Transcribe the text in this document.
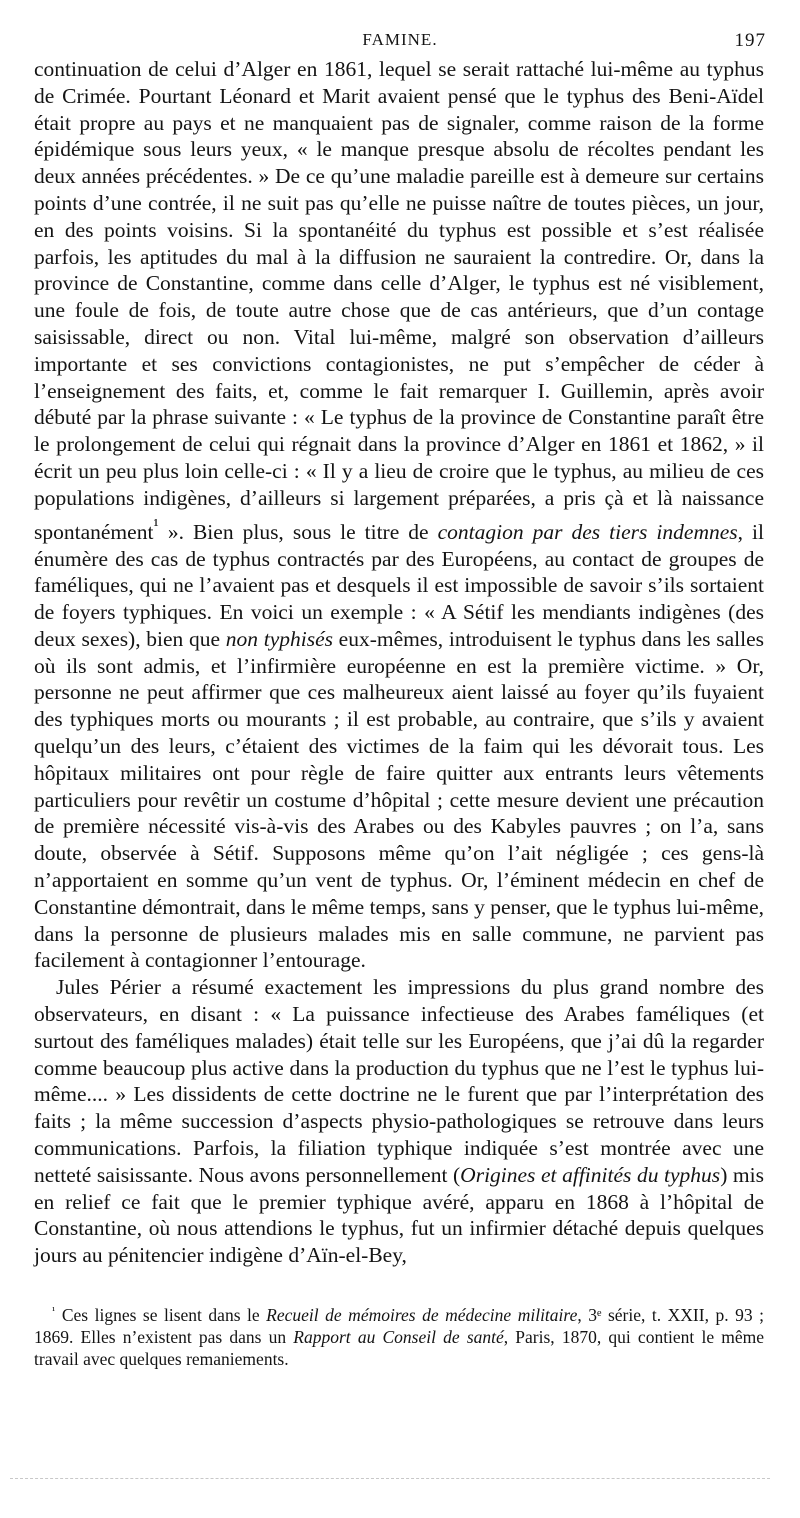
FAMINE.	197

continuation de celui d’Alger en 1861, lequel se serait rattaché lui-même au typhus de Crimée. Pourtant Léonard et Marit avaient pensé que le typhus des Beni-Aïdel était propre au pays et ne manquaient pas de signaler, comme raison de la forme épidémique sous leurs yeux, « le manque presque absolu de récoltes pendant les deux années précédentes. » De ce qu’une maladie pareille est à demeure sur certains points d’une contrée, il ne suit pas qu’elle ne puisse naître de toutes pièces, un jour, en des points voisins. Si la spontanéité du typhus est possible et s’est réalisée parfois, les aptitudes du mal à la diffusion ne sauraient la contredire. Or, dans la province de Constantine, comme dans celle d’Alger, le typhus est né visiblement, une foule de fois, de toute autre chose que de cas antérieurs, que d’un contage saisissable, direct ou non. Vital lui-même, malgré son observation d’ailleurs importante et ses convictions contagionistes, ne put s’empêcher de céder à l’enseignement des faits, et, comme le fait remarquer I. Guillemin, après avoir débuté par la phrase suivante : « Le typhus de la province de Constantine paraît être le prolongement de celui qui régnait dans la province d’Alger en 1861 et 1862, » il écrit un peu plus loin celle-ci : « Il y a lieu de croire que le typhus, au milieu de ces populations indigènes, d’ailleurs si largement préparées, a pris çà et là naissance spontanément$^{^1}$ ». Bien plus, sous le titre de contagion par des tiers indemnes, il énumère des cas de typhus contractés par des Européens, au contact de groupes de faméliques, qui ne l’avaient pas et desquels il est impossible de savoir s’ils sortaient de foyers typhiques. En voici un exemple : « A Sétif les mendiants indigènes (des deux sexes), bien que non typhisés eux-mêmes, introduisent le typhus dans les salles où ils sont admis, et l’infirmière européenne en est la première victime. » Or, personne ne peut affirmer que ces malheureux aient laissé au foyer qu’ils fuyaient des typhiques morts ou mourants ; il est probable, au contraire, que s’ils y avaient quelqu’un des leurs, c’étaient des victimes de la faim qui les dévorait tous. Les hôpitaux militaires ont pour règle de faire quitter aux entrants leurs vêtements particuliers pour revêtir un costume d’hôpital ; cette mesure devient une précaution de première nécessité vis-à-vis des Arabes ou des Kabyles pauvres ; on l’a, sans doute, observée à Sétif. Supposons même qu’on l’ait négligée ; ces gens-là n’apportaient en somme qu’un vent de typhus. Or, l’éminent médecin en chef de Constantine démontrait, dans le même temps, sans y penser, que le typhus lui-même, dans la personne de plusieurs malades mis en salle commune, ne parvient pas facilement à contagionner l’entourage.

Jules Périer a résumé exactement les impressions du plus grand nombre des observateurs, en disant : « La puissance infectieuse des Arabes faméliques (et surtout des faméliques malades) était telle sur les Européens, que j’ai dû la regarder comme beaucoup plus active dans la production du typhus que ne l’est le typhus lui-même.... » Les dissidents de cette doctrine ne le furent que par l’interprétation des faits ; la même succession d’aspects physio-pathologiques se retrouve dans leurs communications. Parfois, la filiation typhique indiquée s’est montrée avec une netteté saisissante. Nous avons personnellement (Origines et affinités du typhus) mis en relief ce fait que le premier typhique avéré, apparu en 1868 à l’hôpital de Constantine, où nous attendions le typhus, fut un infirmier détaché depuis quelques jours au pénitencier indigène d’Aïn-el-Bey,

$^{^1}$ Ces lignes se lisent dans le Recueil de mémoires de médecine militaire, 3ᵉ série, t. XXII, p. 93 ; 1869. Elles n’existent pas dans un Rapport au Conseil de santé, Paris, 1870, qui contient le même travail avec quelques remaniements.
